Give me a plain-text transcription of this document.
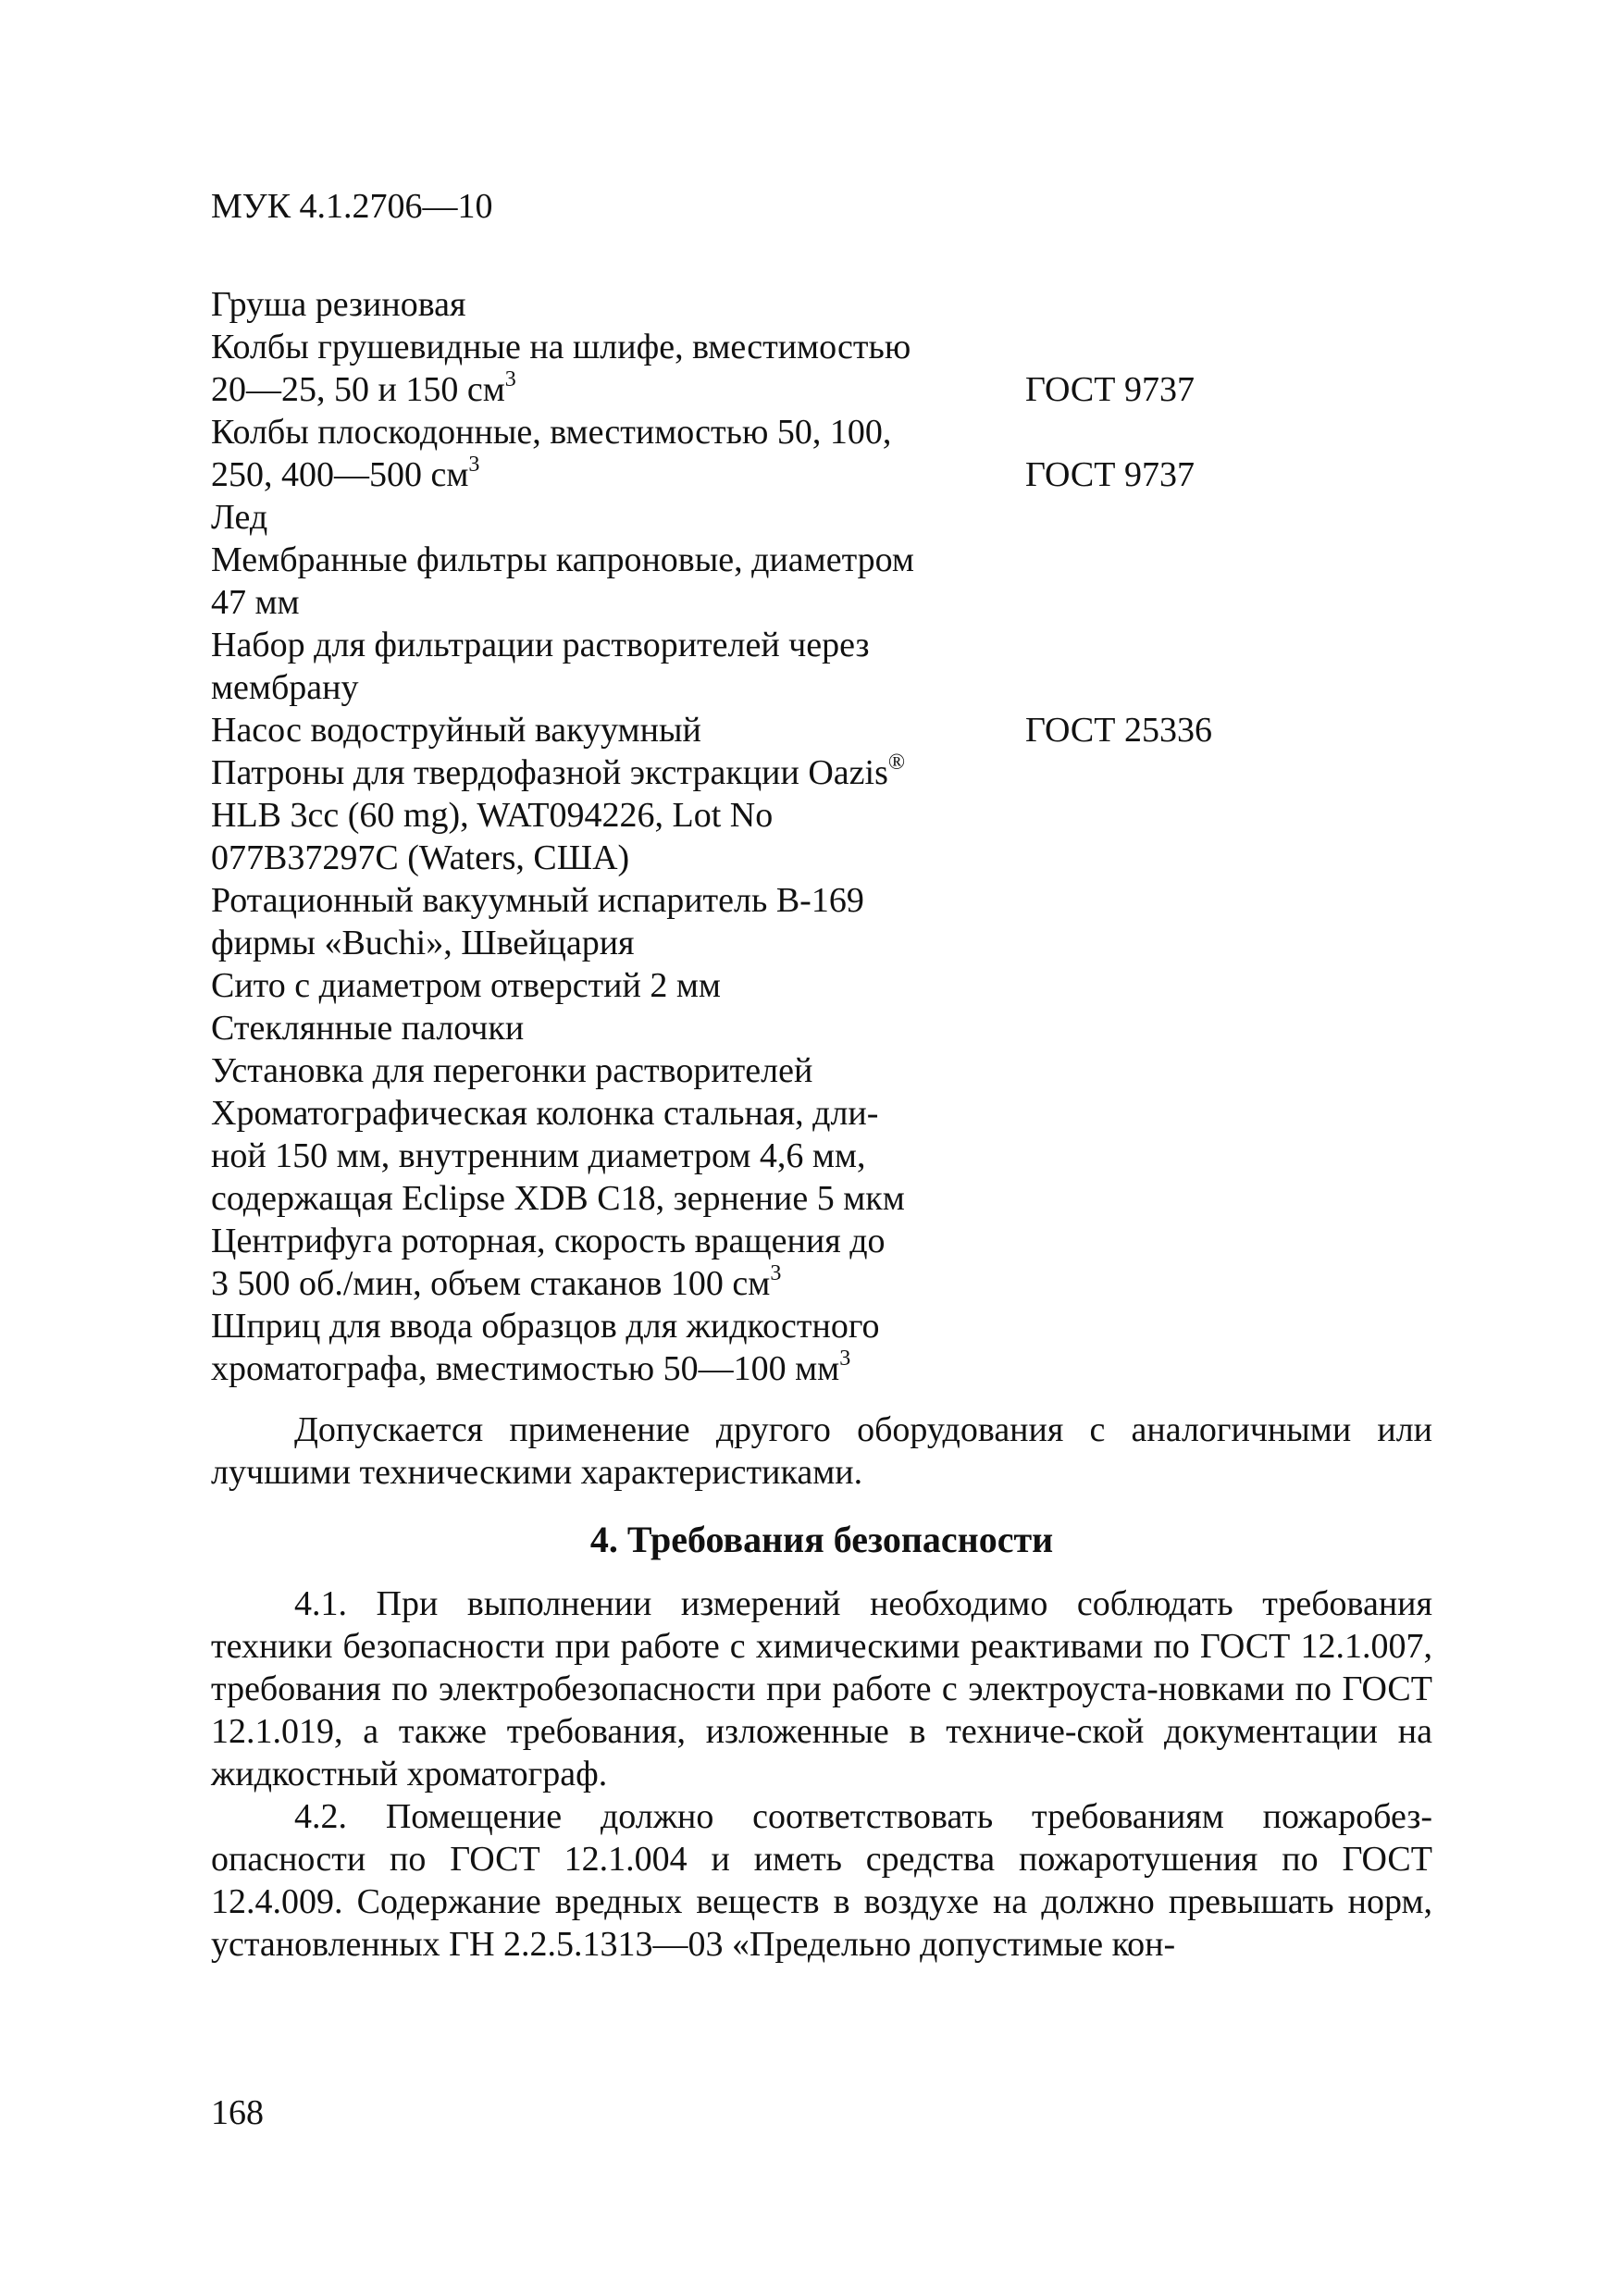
МУК 4.1.2706—10
Груша резиновая
Колбы грушевидные на шлифе, вместимостью
20—25, 50 и 150 $см^3$	ГОСТ 9737
Колбы плоскодонные, вместимостью 50, 100,
250, 400—500 $см^3$	ГОСТ 9737
Лед
Мембранные фильтры капроновые, диаметром
47 мм
Набор для фильтрации растворителей через
мембрану
Насос водоструйный вакуумный	ГОСТ 25336
Патроны для твердофазной экстракции Oazis®
HLB 3cc (60 mg), WAT094226, Lot No
077B37297C (Waters, США)
Ротационный вакуумный испаритель В-169
фирмы «Buchi», Швейцария
Сито с диаметром отверстий 2 мм
Стеклянные палочки
Установка для перегонки растворителей
Хроматографическая колонка стальная, дли-
ной 150 мм, внутренним диаметром 4,6 мм,
содержащая Eclipse XDB C18, зернение 5 мкм
Центрифуга роторная, скорость вращения до
3 500 об./мин, объем стаканов 100 $см^3$
Шприц для ввода образцов для жидкостного
хроматографа, вместимостью 50—100 $мм^3$

Допускается применение другого оборудования с аналогичными или лучшими техническими характеристиками.

4. Требования безопасности

4.1. При выполнении измерений необходимо соблюдать требования техники безопасности при работе с химическими реактивами по ГОСТ 12.1.007, требования по электробезопасности при работе с электроуста-новками по ГОСТ 12.1.019, а также требования, изложенные в техниче-ской документации на жидкостный хроматограф.

4.2. Помещение должно соответствовать требованиям пожаробез-опасности по ГОСТ 12.1.004 и иметь средства пожаротушения по ГОСТ 12.4.009. Содержание вредных веществ в воздухе на должно превышать норм, установленных ГН 2.2.5.1313—03 «Предельно допустимые кон-

168
